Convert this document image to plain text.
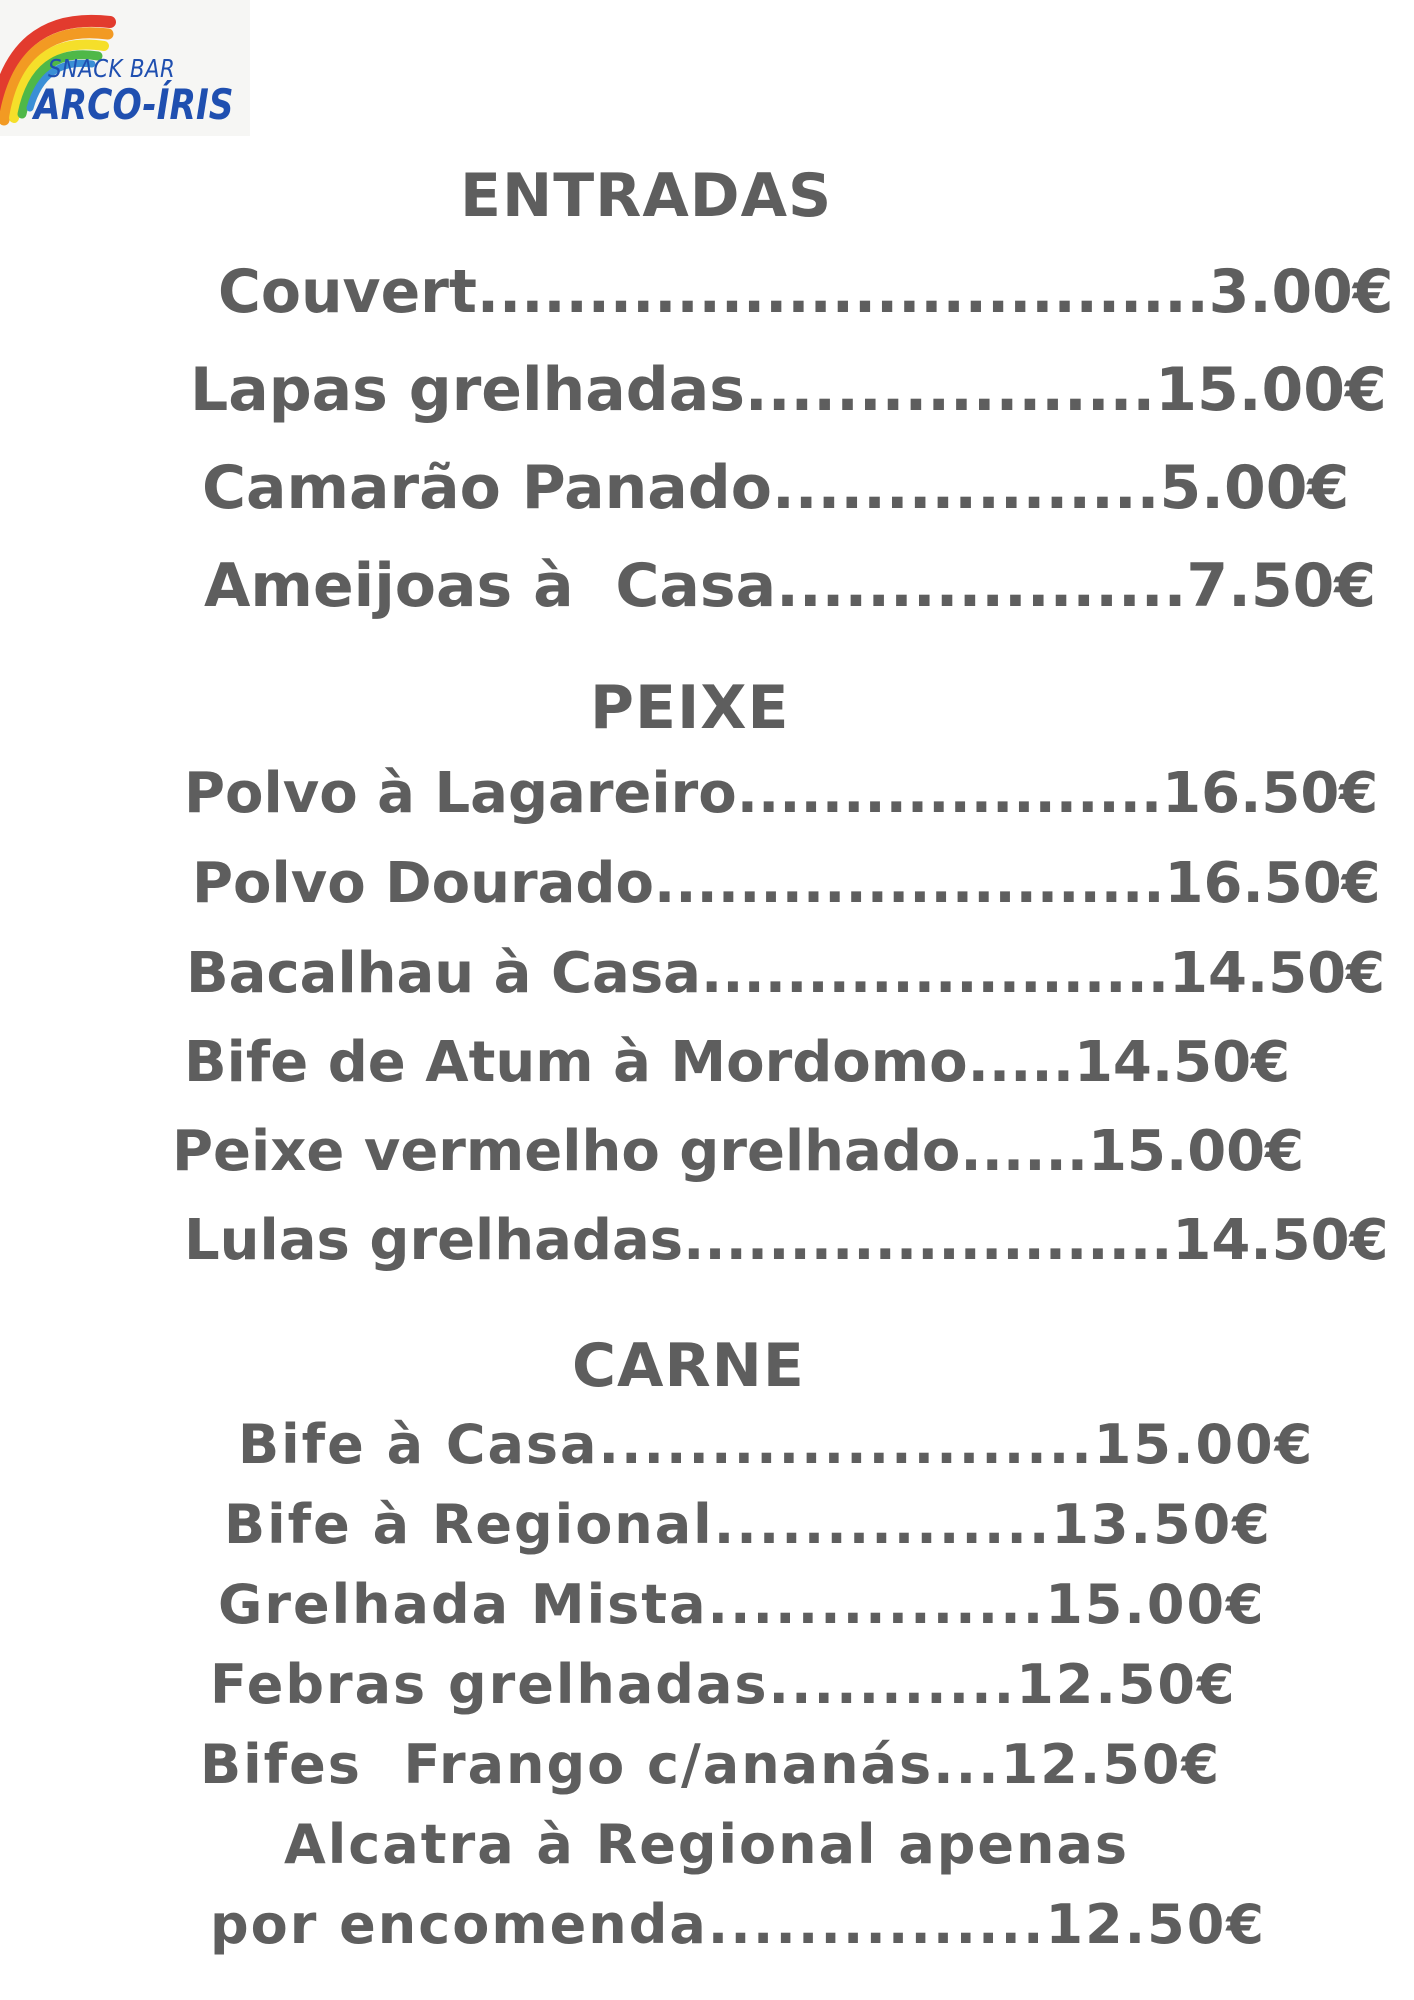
SNACK BAR
ARCO-ÍRIS
ENTRADAS
Couvert.................................3.00€
Lapas grelhadas..................15.00€
Camarão Panado.................5.00€
Ameijoas à  Casa..................7.50€
PEIXE
Polvo à Lagareiro....................16.50€
Polvo Dourado........................16.50€
Bacalhau à Casa......................14.50€
Bife de Atum à Mordomo.....14.50€
Peixe vermelho grelhado......15.00€
Lulas grelhadas.......................14.50€
CARNE
Bife à Casa......................15.00€
Bife à Regional...............13.50€
Grelhada Mista...............15.00€
Febras grelhadas...........12.50€
Bifes  Frango c/ananás...12.50€
Alcatra à Regional apenas
por encomenda...............12.50€
